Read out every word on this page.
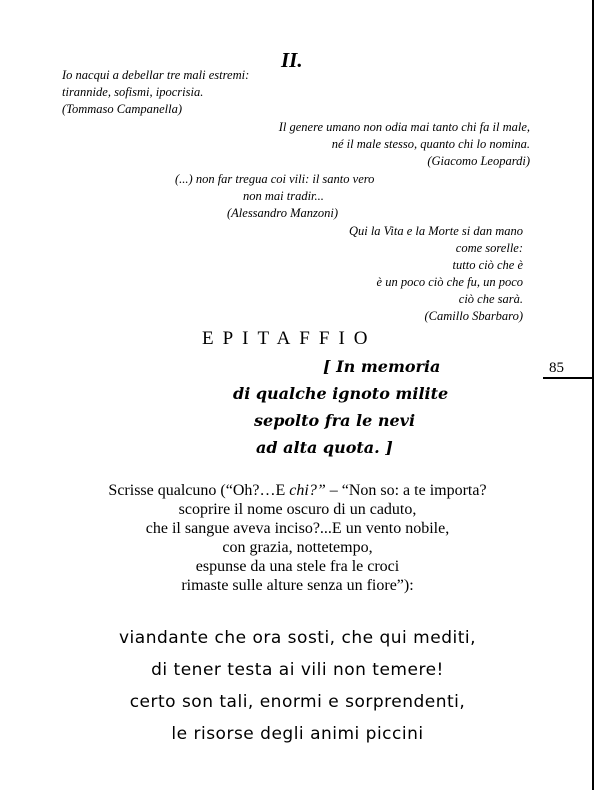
85
II.
Io nacqui a debellar tre mali estremi:
tirannide, sofismi, ipocrisia.
(Tommaso Campanella)
Il genere umano non odia mai tanto chi fa il male,
né il male stesso, quanto chi lo nomina.
(Giacomo Leopardi)
(...) non far tregua coi vili: il santo vero
non mai tradir...
(Alessandro Manzoni)
Qui la Vita e la Morte si dan mano
come sorelle:
tutto ciò che è
è un poco ciò che fu, un poco
ciò che sarà.
(Camillo Sbarbaro)
EPITAFFIO
[ In memoria
di qualche ignoto milite
sepolto fra le nevi
ad alta quota. ]
Scrisse qualcuno (“Oh?…E chi?” – “Non so: a te importa?
scoprire il nome oscuro di un caduto,
che il sangue aveva inciso?...E un vento nobile,
con grazia, nottetempo,
espunse da una stele fra le croci
rimaste sulle alture senza un fiore”):
viandante che ora sosti, che qui mediti,
di tener testa ai vili non temere!
certo son tali, enormi e sorprendenti,
le risorse degli animi piccini
